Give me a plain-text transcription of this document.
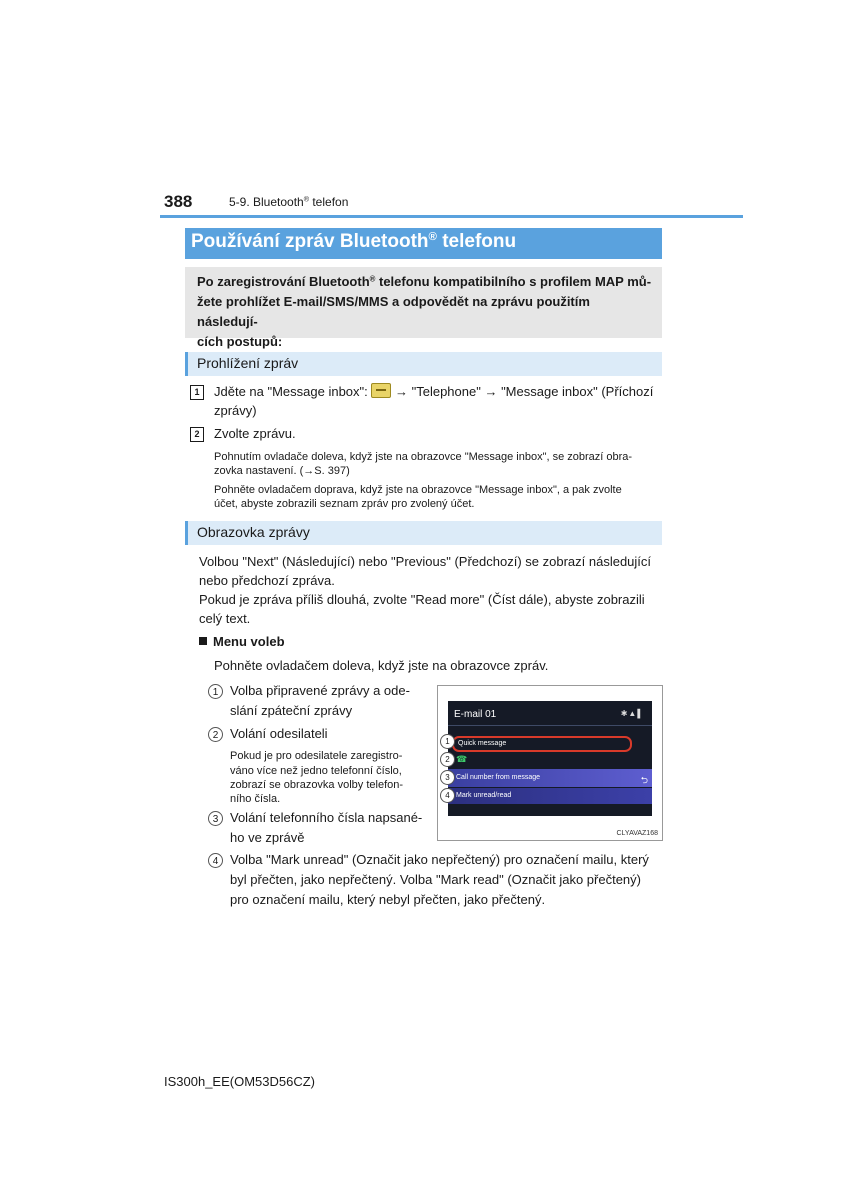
388	5-9. Bluetooth® telefon
Používání zpráv Bluetooth® telefonu
Po zaregistrování Bluetooth® telefonu kompatibilního s profilem MAP mů-
žete prohlížet E-mail/SMS/MMS a odpovědět na zprávu použitím následují-
cích postupů:
Prohlížení zpráv
1	Jděte na "Message inbox":  → "Telephone" → "Message inbox" (Příchozí
zprávy)
2	Zvolte zprávu.
Pohnutím ovladače doleva, když jste na obrazovce "Message inbox", se zobrazí obra-
zovka nastavení. (→S. 397)
Pohněte ovladačem doprava, když jste na obrazovce "Message inbox", a pak zvolte
účet, abyste zobrazili seznam zpráv pro zvolený účet.
Obrazovka zprávy
Volbou "Next" (Následující) nebo "Previous" (Předchozí) se zobrazí následující
nebo předchozí zpráva.
Pokud je zpráva příliš dlouhá, zvolte "Read more" (Číst dále), abyste zobrazili
celý text.
Menu voleb
Pohněte ovladačem doleva, když jste na obrazovce zpráv.
1 Volba připravené zprávy a ode-
slání zpáteční zprávy
2 Volání odesilateli
Pokud je pro odesilatele zaregistro-
váno více než jedno telefonní číslo,
zobrazí se obrazovka volby telefon-
ního čísla.
3 Volání telefonního čísla napsané-
ho ve zprávě
4 Volba "Mark unread" (Označit jako nepřečtený) pro označení mailu, který
byl přečten, jako nepřečtený. Volba "Mark read" (Označit jako přečtený)
pro označení mailu, který nebyl přečten, jako přečtený.
E-mail 01	✱▲▌
Quick message
☎
Call number from message	⮌
Mark unread/read
1
2
3
4
CLYAVAZ168
IS300h_EE(OM53D56CZ)
